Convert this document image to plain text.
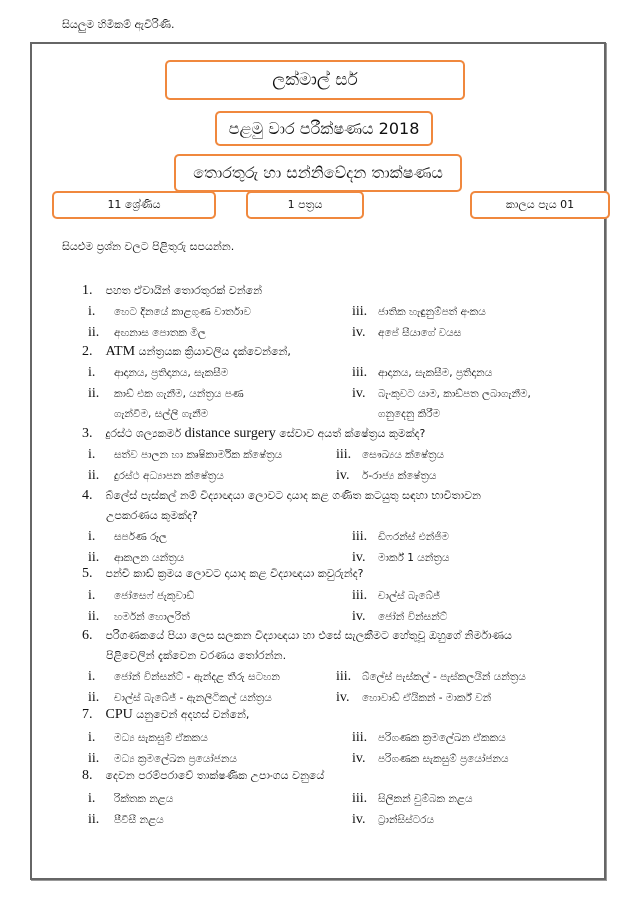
සියලුම හිමිකම් ඇවිරිණි.
ලක්මාල් සර්
පළමු වාර පරීක්ෂණය 2018
තොරතුරු හා සන්නිවේදන තාක්ෂණය
11 ශ්‍රේණිය	1 පත්‍රය	කාලය පැය 01
සියළුම ප්‍රශ්න වලට පිළිතුරු සපයන්න.
1. පහත ඒවායින් තොරතුරක් වන්නේ
i. හෙට දිනයේ කාළගුණ වාර්තාව	iii. ජාතික හැඳුනුම්පත් අංකය
ii. අඟනාස පොතක මිල	iv. අපේ සීයාගේ වයස
2. ATM යන්ත්‍රයක ක්‍රියාවලිය දැක්වෙන්නේ,
i. ආදානය, ප්‍රතිදානය, සැකසීම	iii. ආදානය, සැකසීම, ප්‍රතිදානය
ii. කාඩ් එක ගැනීම, යන්ත්‍රය පණ
ගැන්වීම, සල්ලි ගැනීම
iv. බැංකුවට යාම, කාඩ්පත ලබාගැනීම,
ගනුදෙනු කිරීම
3. දුරස්ථ ශල්‍යකර්ම distance surgery සේවාව අයත් ක්ෂේත්‍රය කුමක්ද?
i. සත්ව පාලන හා කෘෂිකාර්මික ක්ෂේත්‍රය	iii. සෞඛ්‍යය ක්ෂේත්‍රය
ii. දුරස්ථ අධ්‍යාපන ක්ෂේත්‍රය	iv. ර්-රාජ්‍ය ක්ෂේත්‍රය
4. බ්ලේස් පැස්කල් නම් විද්‍යාඥයා ලොවට දායාද කළ ගණිත කටයුතු සඳහා භාවිතාවන
උපකරණය කුමක්ද?
i. සර්පණ රූල	iii. ඩිෆරන්ස් එන්ජිම
ii. ආකලන යන්ත්‍රය	iv. මාර්ක් 1 යන්ත්‍රය
5. පන්චි කාඩ් ක්‍රමය ලොවට දායාද කළ විද්‍යාඥයා කවුරුන්ද?
i. ජෝසෙෆ් ජැකුවාඩ්	iii. චාල්ස් බැබේජ්
ii. හර්මන් හොලරිත්	iv. ජෝන් වින්සන්ට්
6. පරිගණකයේ පියා ලෙස සලකන විද්‍යාඥයා හා එසේ සැලකීමට හේතුවූ ඔහුගේ නිර්මාණය
පිළිවෙලින් දැක්වෙන වරණය තෝරන්න.
i. ජෝන් වින්සන්ට් - ඇන්දළ තීරු සටහන	iii. බ්ලේස් පැස්කල් - පැස්කලයින් යන්ත්‍රය
ii. චාල්ස් බැබේජ් - ඇනලිටිකල් යන්ත්‍රය	iv. හොවාඩ් ඒයිකන් - මාර්ක් වන්
7. CPU යනුවෙන් අදහස් වන්නේ,
i. මධ්‍ය සැකසුම් ඒකකය	iii. පරිගණක ක්‍රමලේඛන ඒකකය
ii. මධ්‍ය ක්‍රමලේඛන ප්‍රයෝජනය	iv. පරිගණක සැකසුම් ප්‍රයෝජනය
8. දෙවන පරම්පරාවේ තාක්ෂණික උපාංගය වනුයේ
i. රික්තක නළය	iii. සිලිකන් චුම්බක නළය
ii. පීවීසී නළය	iv. ට්‍රාන්සිස්ටරය
